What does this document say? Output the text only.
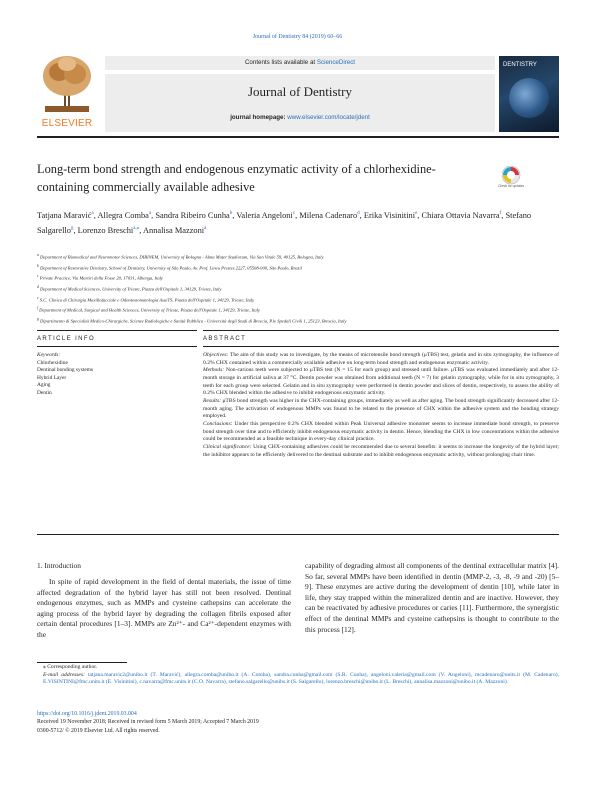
Journal of Dentistry 84 (2019) 60–66
ELSEVIER
Contents lists available at ScienceDirect
Journal of Dentistry
journal homepage: www.elsevier.com/locate/jdent
DENTISTRY
Long-term bond strength and endogenous enzymatic activity of a chlorhexidine-containing commercially available adhesive	Check for updates
Tatjana Maravić$^a$, Allegra Comba$^a$, Sandra Ribeiro Cunha$^b$, Valeria Angeloni$^c$, Milena Cadenaro$^d$, Erika Visinitini$^e$, Chiara Ottavia Navarra$^f$, Stefano Salgarello$^g$, Lorenzo Breschi$^{a,⁎}$, Annalisa Mazzoni$^a$
$^a$ Department of Biomedical and Neuromotor Sciences, DIBINEM, University of Bologna - Alma Mater Studiorum, Via San Vitale 59, 40125, Bologna, Italy
$^b$ Department of Restorative Dentistry, School of Dentistry, University of São Paulo, Av. Prof. Lineu Prestes 2227, 05508-000, São Paulo, Brazil
$^c$ Private Practice, Via Martiri della Fosse 20, 17031, Albenga, Italy
$^d$ Department of Medical Sciences, University of Trieste, Piazza dell'Ospitale 1, 34129, Trieste, Italy
$^e$ S.C. Clinica di Chirurgia Maxillofacciale e Odontostomatologia AsuiTS, Piazza dell'Ospitale 1, 34129, Trieste, Italy
$^f$ Department of Medical, Surgical and Health Sciences, University of Trieste, Piazza dell'Ospitale 1, 34129, Trieste, Italy
$^g$ Dipartimento di Specialità Medico-Chirurgiche, Scienze Radiologiche e Sanità Pubblica - Università degli Studi di Brescia, P.le Spedali Civili 1, 25123, Brescia, Italy
ARTICLE INFO	ABSTRACT
Keywords:
Chlorhexidine
Dentinal bonding systems
Hybrid Layer
Aging
Dentin
Objectives: The aim of this study was to investigate, by the means of microtensile bond strength (μTBS) test, gelatin and in situ zymography, the influence of 0.2% CHX contained within a commercially available adhesive on long-term bond strength and endogenous enzymatic activity.
Methods: Non-carious teeth were subjected to μTBS test (N = 15 for each group) and stressed until failure. μTBS was evaluated immediately and after 12-month storage in artificial saliva at 37 °C. Dentin powder was obtained from additional teeth (N = 7) for gelatin zymography, while for in situ zymography, 3 teeth for each group were selected. Gelatin and in situ zymography were performed in dentin powder and slices of dentin, respectively, to assess the ability of 0.2% CHX blended within the adhesive to inhibit endogenous enzymatic activity.
Results: μTBS bond strength was higher in the CHX-containing groups, immediately as well as after aging. The bond strength significantly decreased after 12-month aging. The activation of endogenous MMPs was found to be related to the presence of CHX within the adhesive system and the bonding strategy employed.
Conclusions: Under this perspective 0.2% CHX blended within Peak Universal adhesive monomer seems to increase immediate bond strength, to preserve bond strength over time and to efficiently inhibit endogenous enzymatic activity in dentin. Hence, blending the CHX in low concentrations within the adhesive could be recommended as a feasible technique in every-day clinical practice.
Clinical significance: Using CHX-containing adhesives could be recommended due to several benefits: it seems to increase the longevity of the hybrid layer; the inhibitor appears to be efficiently delivered to the dentinal substrate and to inhibit endogenous enzymatic activity, without prolonging chair time.
1. Introduction
In spite of rapid development in the field of dental materials, the issue of time affected degradation of the hybrid layer has still not been resolved. Dentinal endogenous enzymes, such as MMPs and cysteine cathepsins can accelerate the aging process of the hybrid layer by degrading the collagen fibrils exposed after certain dental procedures [1–3]. MMPs are Zn²⁺- and Ca²⁺-dependent enzymes with the
capability of degrading almost all components of the dentinal extracellular matrix [4]. So far, several MMPs have been identified in dentin (MMP-2, -3, -8, -9 and -20) [5–9]. These enzymes are active during the development of dentin [10], while later in life, they stay trapped within the mineralized dentin and are inactive. However, they can be reactivated by adhesive procedures or caries [11]. Furthermore, the synergistic effect of the dentinal MMPs and cysteine cathepsins is thought to contribute to the this process [12].
⁎ Corresponding author.
E-mail addresses: tatjana.maravic2@unibo.it (T. Maravić), allegra.comba@unibo.it (A. Comba), sandra.cunha@gmail.com (S.R. Cunha), angeloni.valeria@gmail.com (V. Angeloni), mcadenaro@units.it (M. Cadenaro), E.VISINTINI@fmc.units.it (E. Visinitini), c.navarra@fmc.units.it (C.O. Navarra), stefano.salgarello@unibs.it (S. Salgarello), lorenzo.breschi@unibo.it (L. Breschi), annalisa.mazzoni@unibo.it (A. Mazzoni).
https://doi.org/10.1016/j.jdent.2019.03.004
Received 19 November 2018; Received in revised form 5 March 2019; Accepted 7 March 2019
0300-5712/ © 2019 Elsevier Ltd. All rights reserved.
